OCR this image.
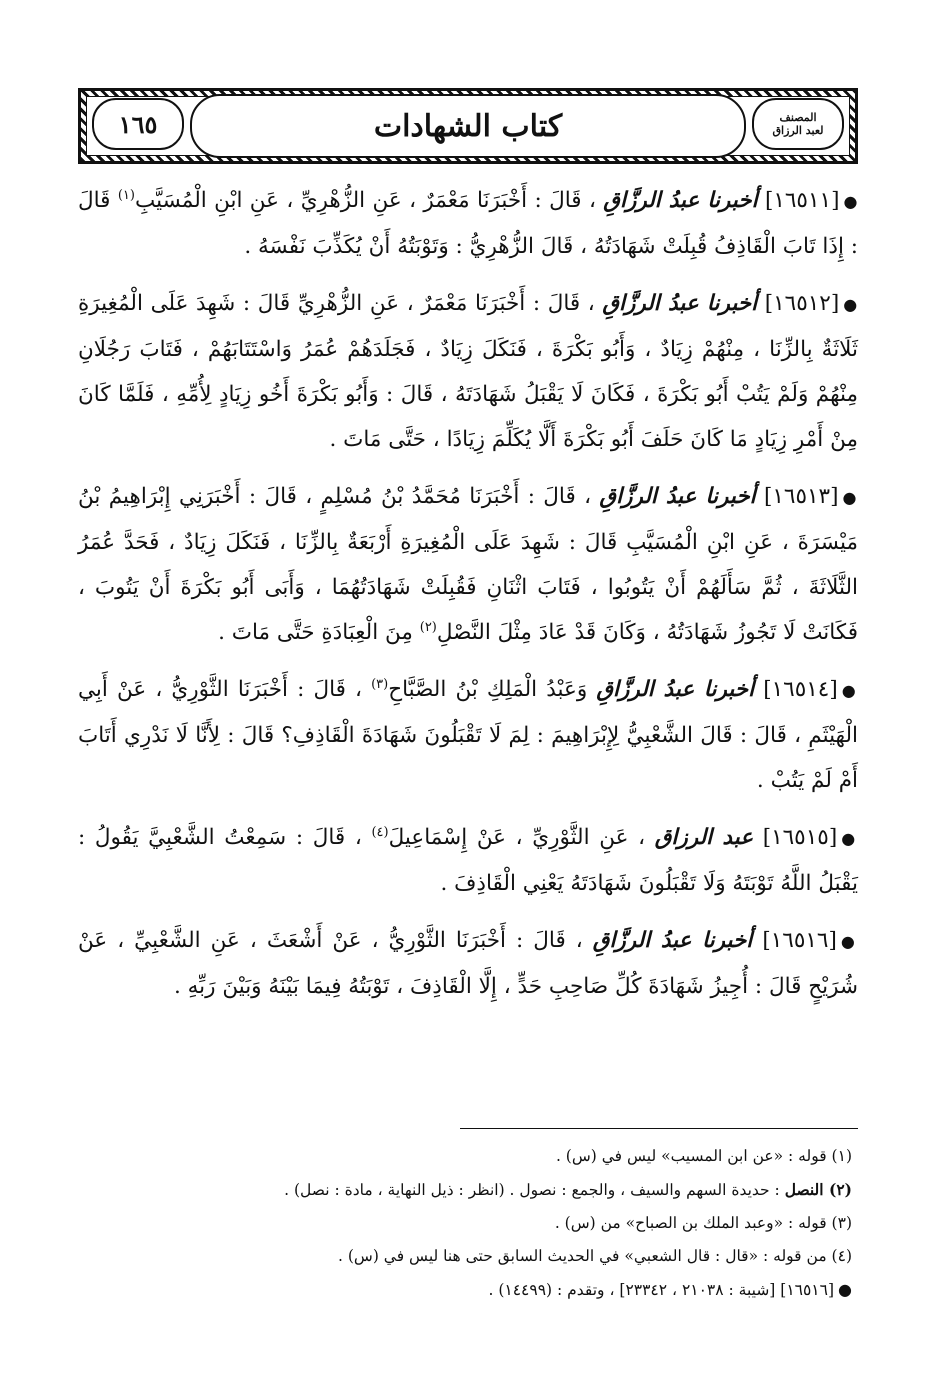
١٦٥	كتاب الشهادات	المصنف
لعبد الرزاق

●[١٦٥١١] أخبرنا عبدُ الرزَّاقِ ، قَالَ : أَخْبَرَنَا مَعْمَرٌ ، عَنِ الزُّهْرِيِّ ، عَنِ ابْنِ الْمُسَيَّبِ$^{(١)}$ قَالَ : إِذَا تَابَ الْقَاذِفُ قُبِلَتْ شَهَادَتُهُ ، قَالَ الزُّهْرِيُّ : وَتَوْبَتُهُ أَنْ يُكَذِّبَ نَفْسَهُ .

●[١٦٥١٢] أخبرنا عبدُ الرزَّاقِ ، قَالَ : أَخْبَرَنَا مَعْمَرٌ ، عَنِ الزُّهْرِيِّ قَالَ : شَهِدَ عَلَى الْمُغِيرَةِ ثَلَاثَةٌ بِالزِّنَا ، مِنْهُمْ زِيَادٌ ، وَأَبُو بَكْرَةَ ، فَنَكَلَ زِيَادٌ ، فَجَلَدَهُمْ عُمَرُ وَاسْتَتَابَهُمْ ، فَتَابَ رَجُلَانِ مِنْهُمْ وَلَمْ يَتُبْ أَبُو بَكْرَةَ ، فَكَانَ لَا يَقْبَلُ شَهَادَتَهُ ، قَالَ : وَأَبُو بَكْرَةَ أَخُو زِيَادٍ لِأُمِّهِ ، فَلَمَّا كَانَ مِنْ أَمْرِ زِيَادٍ مَا كَانَ حَلَفَ أَبُو بَكْرَةَ أَلَّا يُكَلِّمَ زِيَادًا ، حَتَّى مَاتَ .

●[١٦٥١٣] أخبرنا عبدُ الرزَّاقِ ، قَالَ : أَخْبَرَنَا مُحَمَّدُ بْنُ مُسْلِمٍ ، قَالَ : أَخْبَرَنِي إِبْرَاهِيمُ بْنُ مَيْسَرَةَ ، عَنِ ابْنِ الْمُسَيَّبِ قَالَ : شَهِدَ عَلَى الْمُغِيرَةِ أَرْبَعَةٌ بِالزِّنَا ، فَنَكَلَ زِيَادٌ ، فَحَدَّ عُمَرُ الثَّلَاثَةَ ، ثُمَّ سَأَلَهُمْ أَنْ يَتُوبُوا ، فَتَابَ اثْنَانِ فَقُبِلَتْ شَهَادَتُهُمَا ، وَأَبَى أَبُو بَكْرَةَ أَنْ يَتُوبَ ، فَكَانَتْ لَا تَجُوزُ شَهَادَتُهُ ، وَكَانَ قَدْ عَادَ مِثْلَ النَّصْلِ$^{(٢)}$ مِنَ الْعِبَادَةِ حَتَّى مَاتَ .

●[١٦٥١٤] أخبرنا عبدُ الرزَّاقِ وَعَبْدُ الْمَلِكِ بْنُ الصَّبَّاحِ$^{(٣)}$ ، قَالَ : أَخْبَرَنَا الثَّوْرِيُّ ، عَنْ أَبِي الْهَيْثَمِ ، قَالَ : قَالَ الشَّعْبِيُّ لِإِبْرَاهِيمَ : لِمَ لَا تَقْبَلُونَ شَهَادَةَ الْقَاذِفِ؟ قَالَ : لِأَنَّا لَا نَدْرِي أَتَابَ أَمْ لَمْ يَتُبْ .

●[١٦٥١٥] عبد الرزاق ، عَنِ الثَّوْرِيِّ ، عَنْ إِسْمَاعِيلَ$^{(٤)}$ ، قَالَ : سَمِعْتُ الشَّعْبِيَّ يَقُولُ : يَقْبَلُ اللَّهُ تَوْبَتَهُ وَلَا تَقْبَلُونَ شَهَادَتَهُ يَعْنِي الْقَاذِفَ .

●[١٦٥١٦] أخبرنا عبدُ الرزَّاقِ ، قَالَ : أَخْبَرَنَا الثَّوْرِيُّ ، عَنْ أَشْعَثَ ، عَنِ الشَّعْبِيِّ ، عَنْ شُرَيْحٍ قَالَ : أُجِيزُ شَهَادَةَ كُلِّ صَاحِبِ حَدٍّ ، إِلَّا الْقَاذِفَ ، تَوْبَتُهُ فِيمَا بَيْنَهُ وَبَيْنَ رَبِّهِ .

(١) قوله : «عن ابن المسيب» ليس في (س) .

(٢) النصل : حديدة السهم والسيف ، والجمع : نصول . (انظر : ذيل النهاية ، مادة : نصل) .

(٣) قوله : «وعبد الملك بن الصباح» من (س) .

(٤) من قوله : «قال : قال الشعبي» في الحديث السابق حتى هنا ليس في (س) .

●[١٦٥١٦] [شيبة : ٢١٠٣٨ ، ٢٣٣٤٢] ، وتقدم : (١٤٤٩٩) .
